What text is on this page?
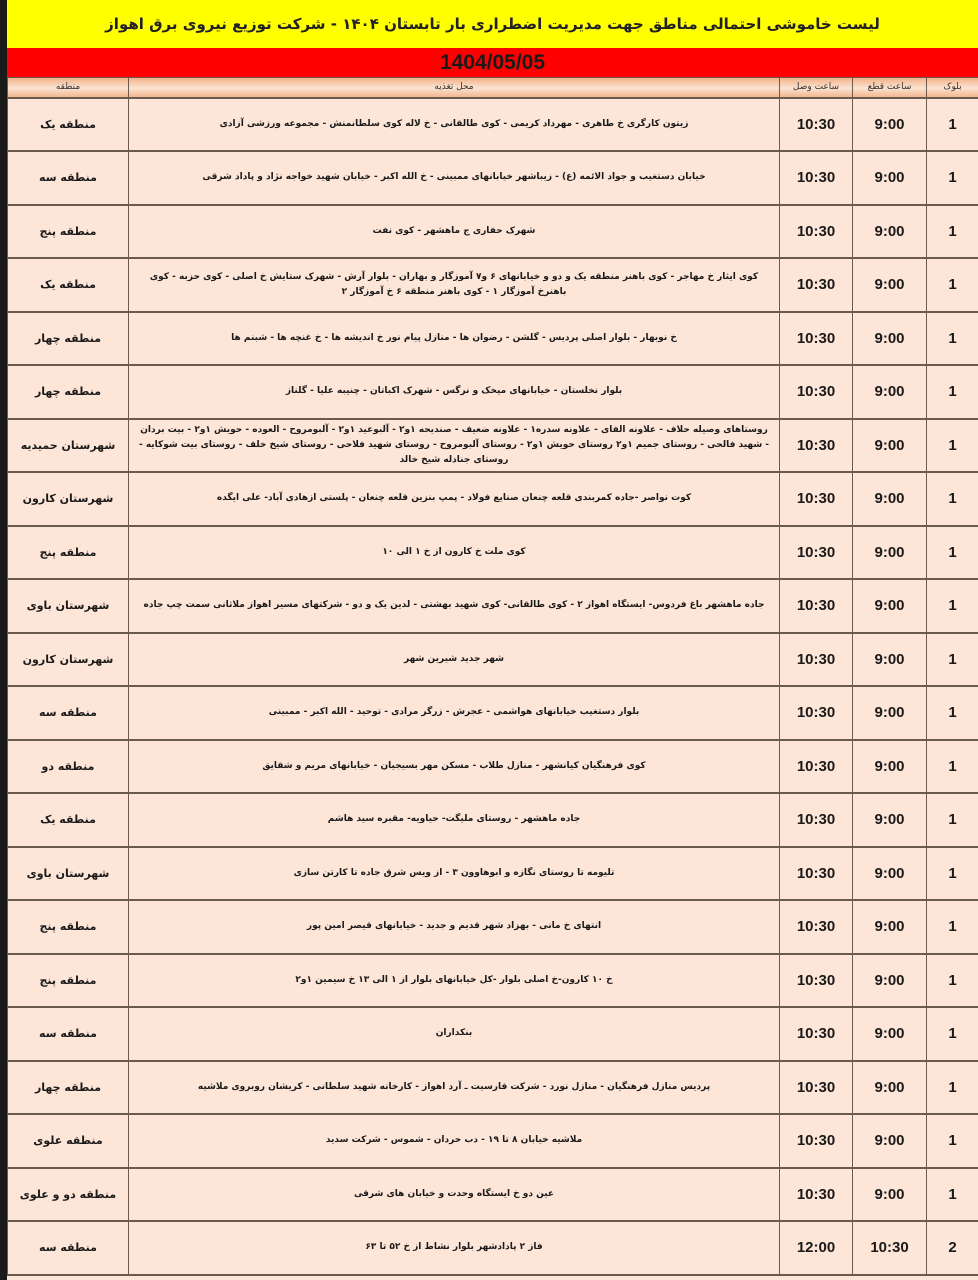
لیست خاموشی احتمالی مناطق جهت مدیریت اضطراری بار تابستان ۱۴۰۴ - شرکت توزیع نیروی برق اهواز
1404/05/05
بلوک	ساعت قطع	ساعت وصل	محل تغذیه	منطقه
1	9:00	10:30	زیتون کارگری خ طاهری - مهرداد کریمی - کوی طالقانی - خ لاله کوی سلطانمنش - مجموعه ورزشی آزادی	منطقه یک
1	9:00	10:30	خیابان دستغیب و جواد الائمه (ع) - زیباشهر خیابانهای ممبینی - خ الله اکبر - خیابان شهید خواجه نژاد و پاداد شرقی	منطقه سه
1	9:00	10:30	شهرک حفاری ج ماهشهر - کوی نفت	منطقه پنج
1	9:00	10:30	کوی ایثار خ مهاجر - کوی باهنر منطقه یک و دو و خیابانهای ۶ و۷ آموزگار و بهاران - بلوار آرش - شهرک ستایش خ اصلی - کوی حزبه - کوی باهنرخ آموزگار ۱ - کوی باهنر منطقه ۶ خ آموزگار ۲	منطقه یک
1	9:00	10:30	خ نوبهار - بلوار اصلی پردیس - گلشن - رضوان ها - منازل پیام نور خ اندیشه ها - خ غنچه ها - شبنم ها	منطقه چهار
1	9:00	10:30	بلوار نخلستان - خیابانهای میخک و نرگس - شهرک اکباتان - چنیبه علیا - گلناز	منطقه چهار
1	9:00	10:30	روستاهای وصیله حلاف - علاونه الفای - علاونه سدره۱ - علاونه ضعیف - صندیحه ۱و۲ - آلبوعید ۱و۲ - آلبومروح - العوده - حویش ۱و۲ - بیت بردان - شهید فالحی - روستای جمیم ۱و۲ روستای حویش ۱و۲ - روستای آلبومروح - روستای شهید فلاحی - روستای شیخ خلف - روستای بیت شوکایه - روستای جنادله شیخ خالد	شهرستان حمیدیه
1	9:00	10:30	کوت نواصر -جاده کمربندی قلعه چنعان صنایع فولاد - پمپ بنزین قلعه چنعان - پلستی ازهادی آباد- علی ایگده	شهرستان کارون
1	9:00	10:30	کوی ملت خ کارون از خ ۱ الی ۱۰	منطقه پنج
1	9:00	10:30	جاده ماهشهر باغ فردوس- ایستگاه اهواز ۲ - کوی طالقانی- کوی شهید بهشتی - لدین یک و دو - شرکتهای مسیر اهواز ملاثانی سمت چپ جاده	شهرستان باوی
1	9:00	10:30	شهر جدید شیرین شهر	شهرستان کارون
1	9:00	10:30	بلوار دستغیب خیابانهای هواشمی - عجرش - زرگر مرادی - توحید - الله اکبر - ممبینی	منطقه سه
1	9:00	10:30	کوی فرهنگیان کیانشهر - منازل طلاب - مسکن مهر بسیجیان - خیابانهای مریم و شقایق	منطقه دو
1	9:00	10:30	جاده ماهشهر - روستای ملیگت- حیاویه- مقبره سید هاشم	منطقه یک
1	9:00	10:30	تلیومه تا روستای نگازه و ابوهاوون ۳ - از ویس شرق جاده تا کارتن سازی	شهرستان باوی
1	9:00	10:30	انتهای خ مانی - بهزاد شهر قدیم و جدید - خیابانهای قیصر امین پور	منطقه پنج
1	9:00	10:30	خ ۱۰ کارون-خ اصلی بلوار -کل خیابانهای بلوار از ۱ الی ۱۳ خ سیمین ۱و۲	منطقه پنج
1	9:00	10:30	بنکداران	منطقه سه
1	9:00	10:30	پردیس منازل فرهنگیان - منازل نورد - شرکت فارسیت ـ آرد اهواز - کارخانه شهید سلطانی - کریشان روبروی ملاشیه	منطقه چهار
1	9:00	10:30	ملاشیه خیابان ۸ تا ۱۹ - دب حردان - شموس - شرکت سدید	منطقه علوی
1	9:00	10:30	عین دو خ ایستگاه وحدت و خیابان های شرقی	منطقه دو و علوی
2	10:30	12:00	فاز ۲ پادادشهر بلوار نشاط از خ ۵۲ تا ۶۳	منطقه سه
